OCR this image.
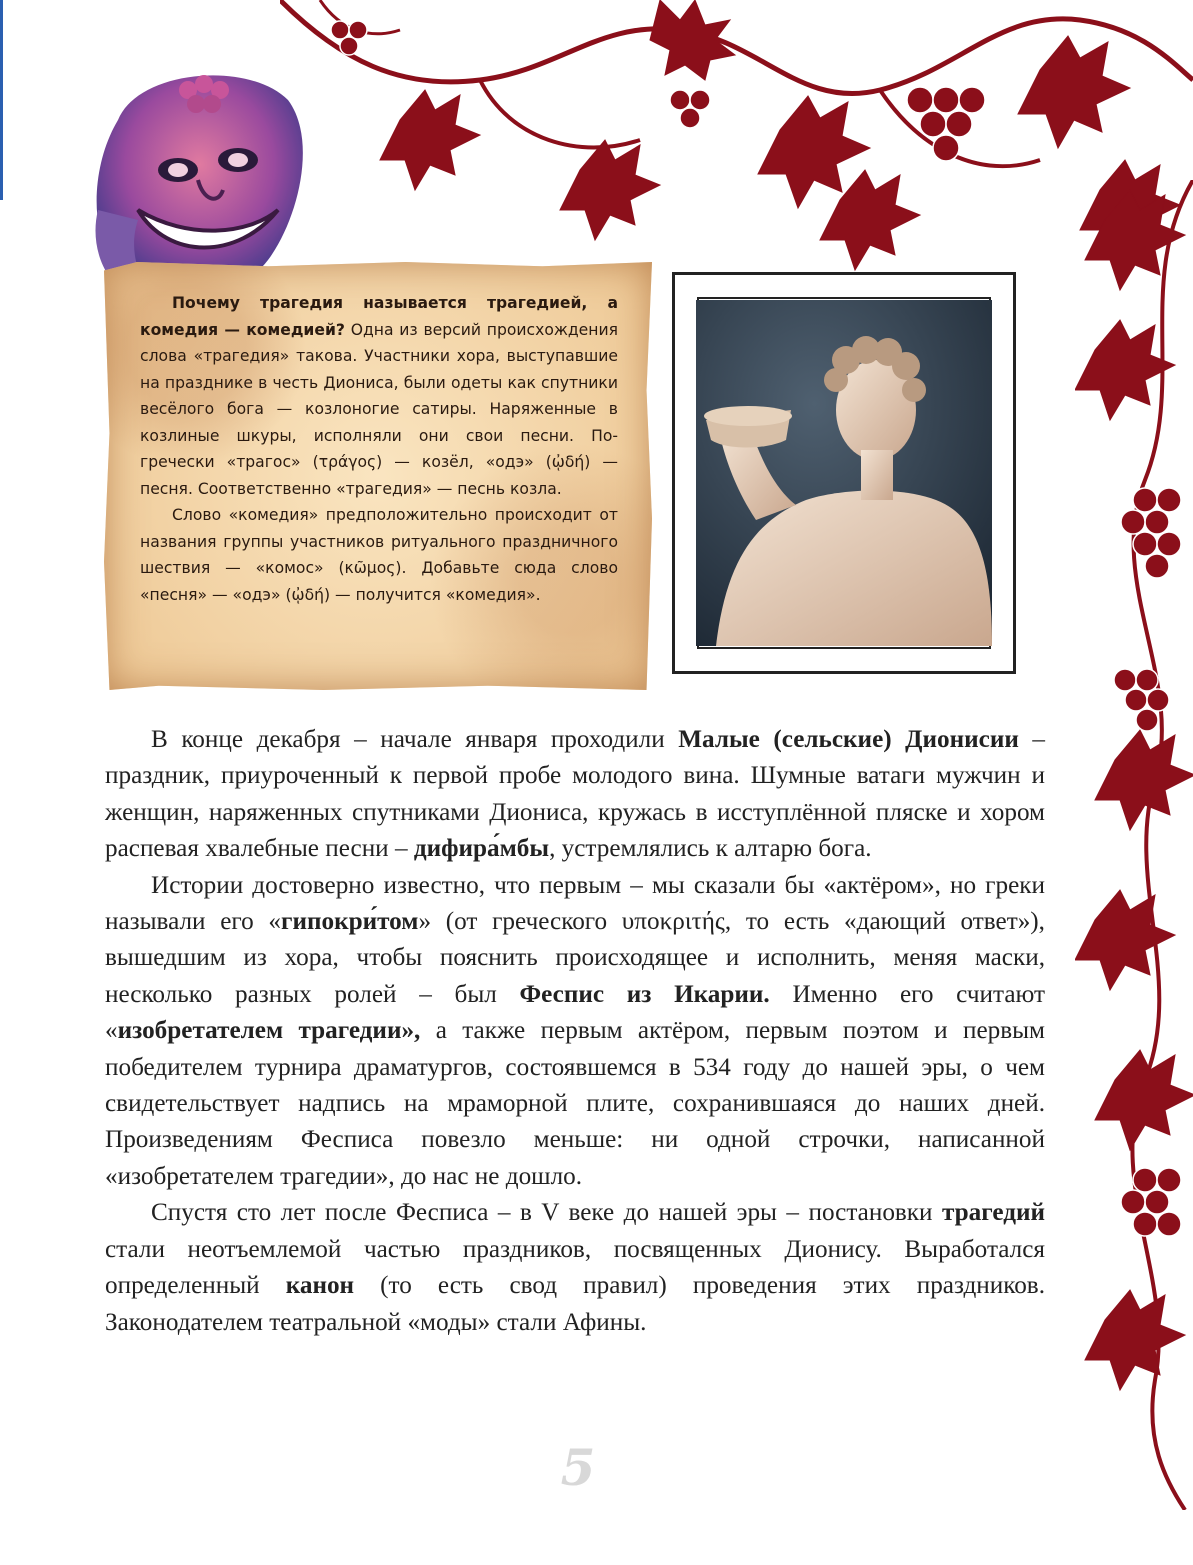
Почему трагедия называется трагедией, а комедия — комедией? Одна из версий происхождения слова «трагедия» такова. Участники хора, выступавшие на празднике в честь Диониса, были одеты как спутники весёлого бога — козлоногие сатиры. Наряженные в козлиные шкуры, исполняли они свои песни. По-гречески «трагос» (τράγος) — козёл, «одэ» (ᾠδή) — песня. Соответственно «трагедия» — песнь козла.

Слово «комедия» предположительно происходит от названия группы участников ритуального праздничного шествия — «комос» (κῶμος). Добавьте сюда слово «песня» — «одэ» (ᾠδή) — получится «комедия».

В конце декабря – начале января проходили Малые (сельские) Дионисии – праздник, приуроченный к первой пробе молодого вина. Шумные ватаги мужчин и женщин, наряженных спутниками Диониса, кружась в исступлённой пляске и хором распевая хвалебные песни – дифира́мбы, устремлялись к алтарю бога.

Истории достоверно известно, что первым – мы сказали бы «актёром», но греки называли его «гипокри́том» (от греческого υποκριτής, то есть «дающий ответ»), вышедшим из хора, чтобы пояснить происходящее и исполнить, меняя маски, несколько разных ролей – был Феспис из Икарии. Именно его считают «изобретателем трагедии», а также первым актёром, первым поэтом и первым победителем турнира драматургов, состоявшемся в 534 году до нашей эры, о чем свидетельствует надпись на мраморной плите, сохранившаяся до наших дней. Произведениям Фесписа повезло меньше: ни одной строчки, написанной «изобретателем трагедии», до нас не дошло.

Спустя сто лет после Фесписа – в V веке до нашей эры – постановки трагедий стали неотъемлемой частью праздников, посвященных Дионису. Выработался определенный канон (то есть свод правил) проведения этих праздников. Законодателем театральной «моды» стали Афины.

5
